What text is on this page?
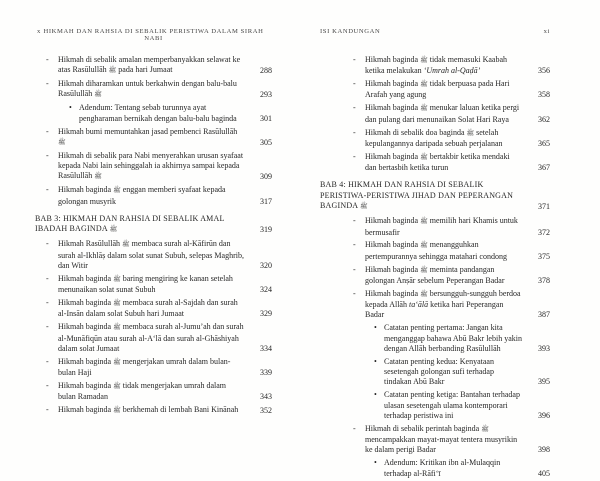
x HIKMAH DAN RAHSIA DI SEBALIK PERISTIWA DALAM SIRAH NABI
- Hikmah di sebalik amalan memperbanyakkan selawat ke atas Rasūlullāh ﷺ pada hari Jumaat	288
- Hikmah diharamkan untuk berkahwin dengan balu-balu Rasūlullāh ﷺ	293
• Adendum: Tentang sebab turunnya ayat pengharaman bernikah dengan balu-balu baginda	301
- Hikmah bumi memuntahkan jasad pembenci Rasūlullāh ﷺ	305
- Hikmah di sebalik para Nabi menyerahkan urusan syafaat kepada Nabi lain sehinggalah ia akhirnya sampai kepada Rasūlullāh ﷺ	309
- Hikmah baginda ﷺ enggan memberi syafaat kepada golongan musyrik	317
BAB 3: HIKMAH DAN RAHSIA DI SEBALIK AMAL IBADAH BAGINDA ﷺ	319
- Hikmah Rasūlullāh ﷺ membaca surah al-Kāfirūn dan surah al-Ikhlāṣ dalam solat sunat Subuh, selepas Maghrib, dan Witir	320
- Hikmah baginda ﷺ baring mengiring ke kanan setelah menunaikan solat sunat Subuh	324
- Hikmah baginda ﷺ membaca surah al-Sajdah dan surah al-Insān dalam solat Subuh hari Jumaat	329
- Hikmah baginda ﷺ membaca surah al-Jumu’ah dan surah al-Munāfiqūn atau surah al-A‘lā dan surah al-Ghāshiyah dalam solat Jumaat	334
- Hikmah baginda ﷺ mengerjakan umrah dalam bulan-bulan Haji	339
- Hikmah baginda ﷺ tidak mengerjakan umrah dalam bulan Ramadan	343
- Hikmah baginda ﷺ berkhemah di lembah Bani Kinānah	352
ISI KANDUNGAN	xi
- Hikmah baginda ﷺ tidak memasuki Kaabah ketika melakukan ‘Umrah al-Qaḍā’	356
- Hikmah baginda ﷺ tidak berpuasa pada Hari Arafah yang agung	358
- Hikmah baginda ﷺ menukar laluan ketika pergi dan pulang dari menunaikan Solat Hari Raya	362
- Hikmah di sebalik doa baginda ﷺ setelah kepulangannya daripada sebuah perjalanan	365
- Hikmah baginda ﷺ bertakbir ketika mendaki dan bertasbih ketika turun	367
BAB 4: HIKMAH DAN RAHSIA DI SEBALIK PERISTIWA-PERISTIWA JIHAD DAN PEPERANGAN BAGINDA ﷺ	371
- Hikmah baginda ﷺ memilih hari Khamis untuk bermusafir	372
- Hikmah baginda ﷺ menangguhkan pertempurannya sehingga matahari condong	375
- Hikmah baginda ﷺ meminta pandangan golongan Anṣār sebelum Peperangan Badar	378
- Hikmah baginda ﷺ bersungguh-sungguh berdoa kepada Allāh ta‘ālā ketika hari Peperangan Badar	387
• Catatan penting pertama: Jangan kita menganggap bahawa Abū Bakr lebih yakin dengan Allāh berbanding Rasūlullāh	393
• Catatan penting kedua: Kenyataan sesetengah golongan sufi terhadap tindakan Abū Bakr	395
• Catatan penting ketiga: Bantahan terhadap ulasan sesetengah ulama kontemporari terhadap peristiwa ini	396
- Hikmah di sebalik perintah baginda ﷺ mencampakkan mayat-mayat tentera musyrikin ke dalam perigi Badar	398
• Adendum: Kritikan ibn al-Mulaqqin terhadap al-Rāfi‘ī	405
